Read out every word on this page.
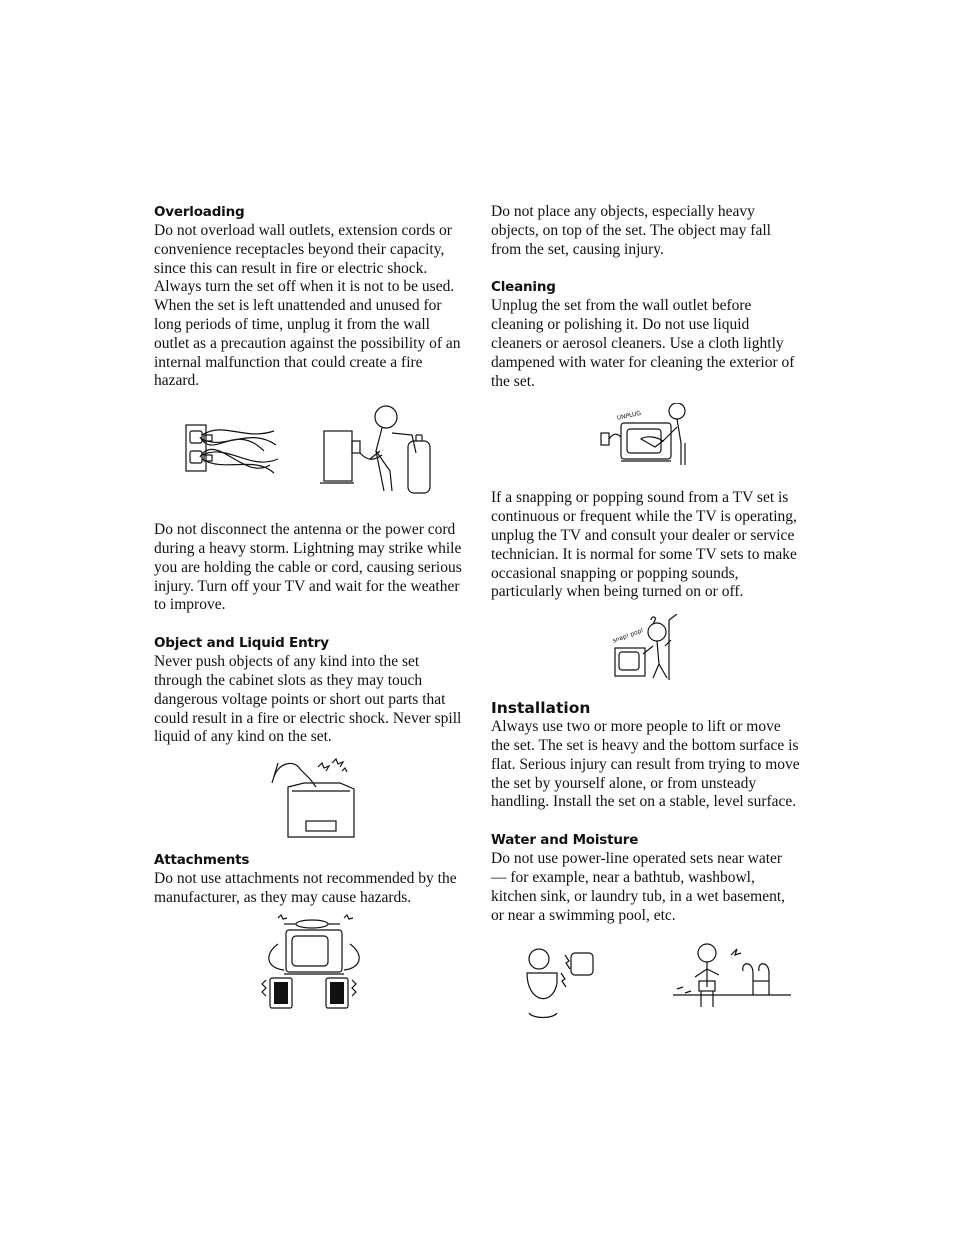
Overloading

Do not overload wall outlets, extension cords or convenience receptacles beyond their capacity, since this can result in fire or electric shock. Always turn the set off when it is not to be used. When the set is left unattended and unused for long periods of time, unplug it from the wall outlet as a precaution against the possibility of an internal malfunction that could create a fire hazard.

Do not disconnect the antenna or the power cord during a heavy storm. Lightning may strike while you are holding the cable or cord, causing serious injury. Turn off your TV and wait for the weather to improve.

Object and Liquid Entry

Never push objects of any kind into the set through the cabinet slots as they may touch dangerous voltage points or short out parts that could result in a fire or electric shock. Never spill liquid of any kind on the set.

Attachments

Do not use attachments not recommended by the manufacturer, as they may cause hazards.

Do not place any objects, especially heavy objects, on top of the set. The object may fall from the set, causing injury.

Cleaning

Unplug the set from the wall outlet before cleaning or polishing it. Do not use liquid cleaners or aerosol cleaners. Use a cloth lightly dampened with water for cleaning the exterior of the set.

UNPLUG

If a snapping or popping sound from a TV set is continuous or frequent while the TV is operating, unplug the TV and consult your dealer or service technician. It is normal for some TV sets to make occasional snapping or popping sounds, particularly when being turned on or off.

snap! pop!
Installation

Always use two or more people to lift or move the set. The set is heavy and the bottom surface is flat. Serious injury can result from trying to move the set by yourself alone, or from unsteady handling. Install the set on a stable, level surface.

Water and Moisture

Do not use power-line operated sets near water — for example, near a bathtub, washbowl, kitchen sink, or laundry tub, in a wet basement, or near a swimming pool, etc.
